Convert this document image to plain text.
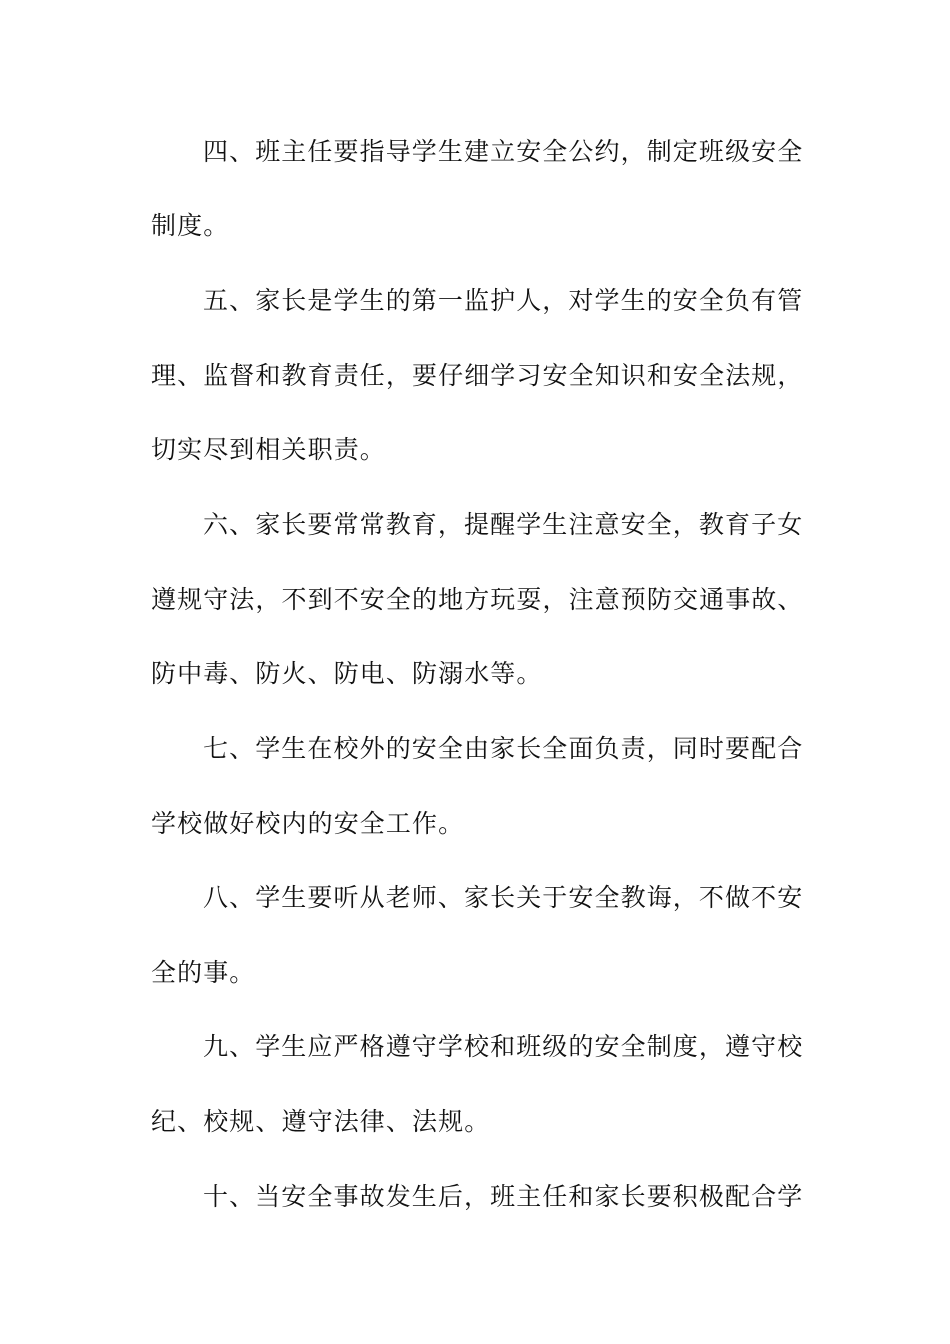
四、班主任要指导学生建立安全公约，制定班级安全
制度。
五、家长是学生的第一监护人，对学生的安全负有管
理、监督和教育责任，要仔细学习安全知识和安全法规，
切实尽到相关职责。
六、家长要常常教育，提醒学生注意安全，教育子女
遵规守法，不到不安全的地方玩耍，注意预防交通事故、
防中毒、防火、防电、防溺水等。
七、学生在校外的安全由家长全面负责，同时要配合
学校做好校内的安全工作。
八、学生要听从老师、家长关于安全教诲，不做不安
全的事。
九、学生应严格遵守学校和班级的安全制度，遵守校
纪、校规、遵守法律、法规。
十、当安全事故发生后，班主任和家长要积极配合学
